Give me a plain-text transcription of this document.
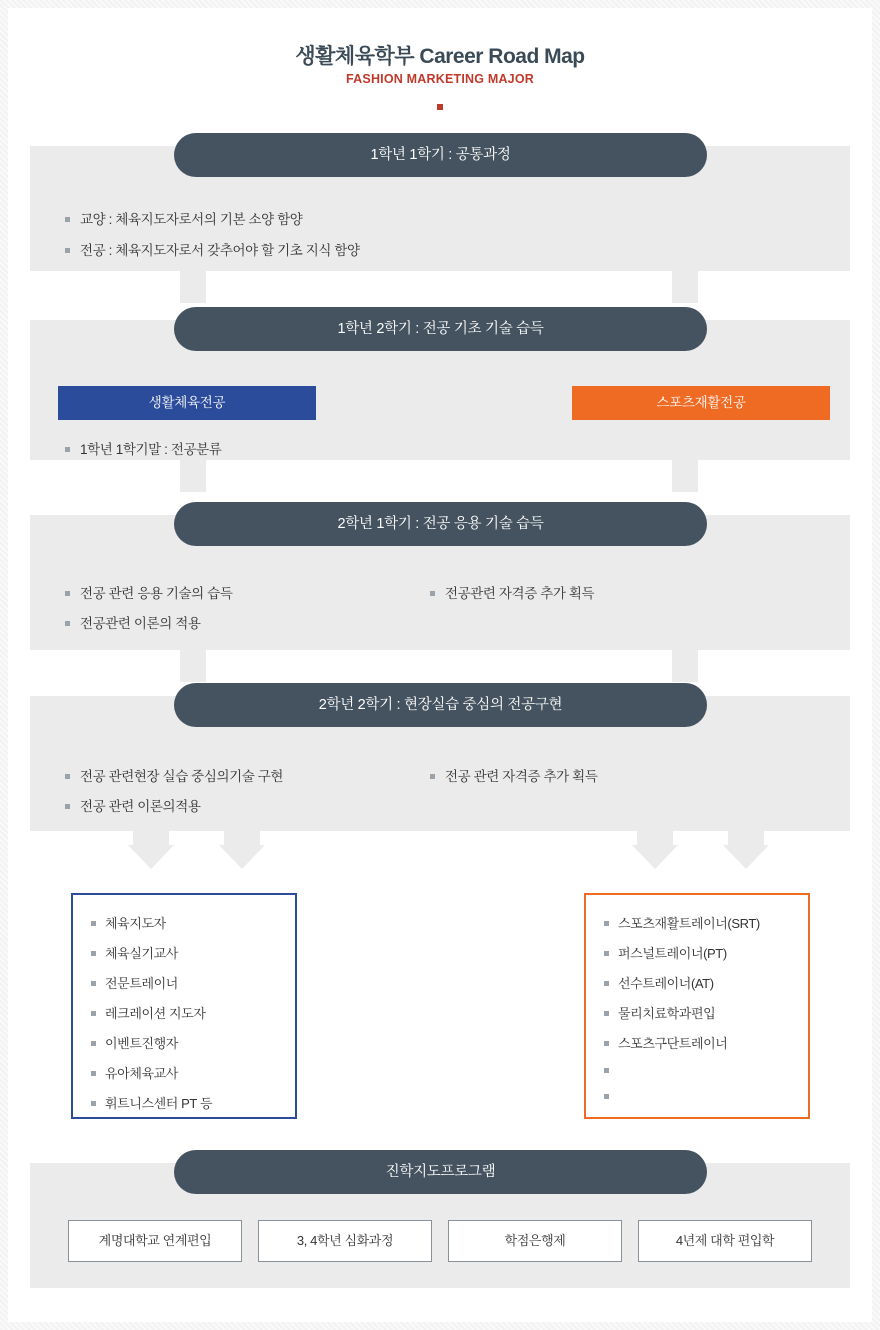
생활체육학부 Career Road Map
FASHION MARKETING MAJOR
1학년 1학기 : 공통과정
교양 : 체육지도자로서의 기본 소양 함양
전공 : 체육지도자로서 갖추어야 할 기초 지식 함양
1학년 2학기 : 전공 기초 기술 습득
생활체육전공	스포츠재활전공
1학년 1학기말 : 전공분류
2학년 1학기 : 전공 응용 기술 습득
전공 관련 응용 기술의 습득
전공관련 이론의 적용
전공관련 자격증 추가 획득
2학년 2학기 : 현장실습 중심의 전공구현
전공 관련현장 실습 중심의기술 구현
전공 관련 이론의적용
전공 관련 자격증 추가 획득
체육지도자
체육실기교사
전문트레이너
레크레이션 지도자
이벤트진행자
유아체육교사
휘트니스센터 PT 등
스포츠재활트레이너(SRT)
퍼스널트레이너(PT)
선수트레이너(AT)
물리치료학과편입
스포츠구단트레이너
진학지도프로그램
계명대학교 연계편입	3, 4학년 심화과정	학점은행제	4년제 대학 편입학
